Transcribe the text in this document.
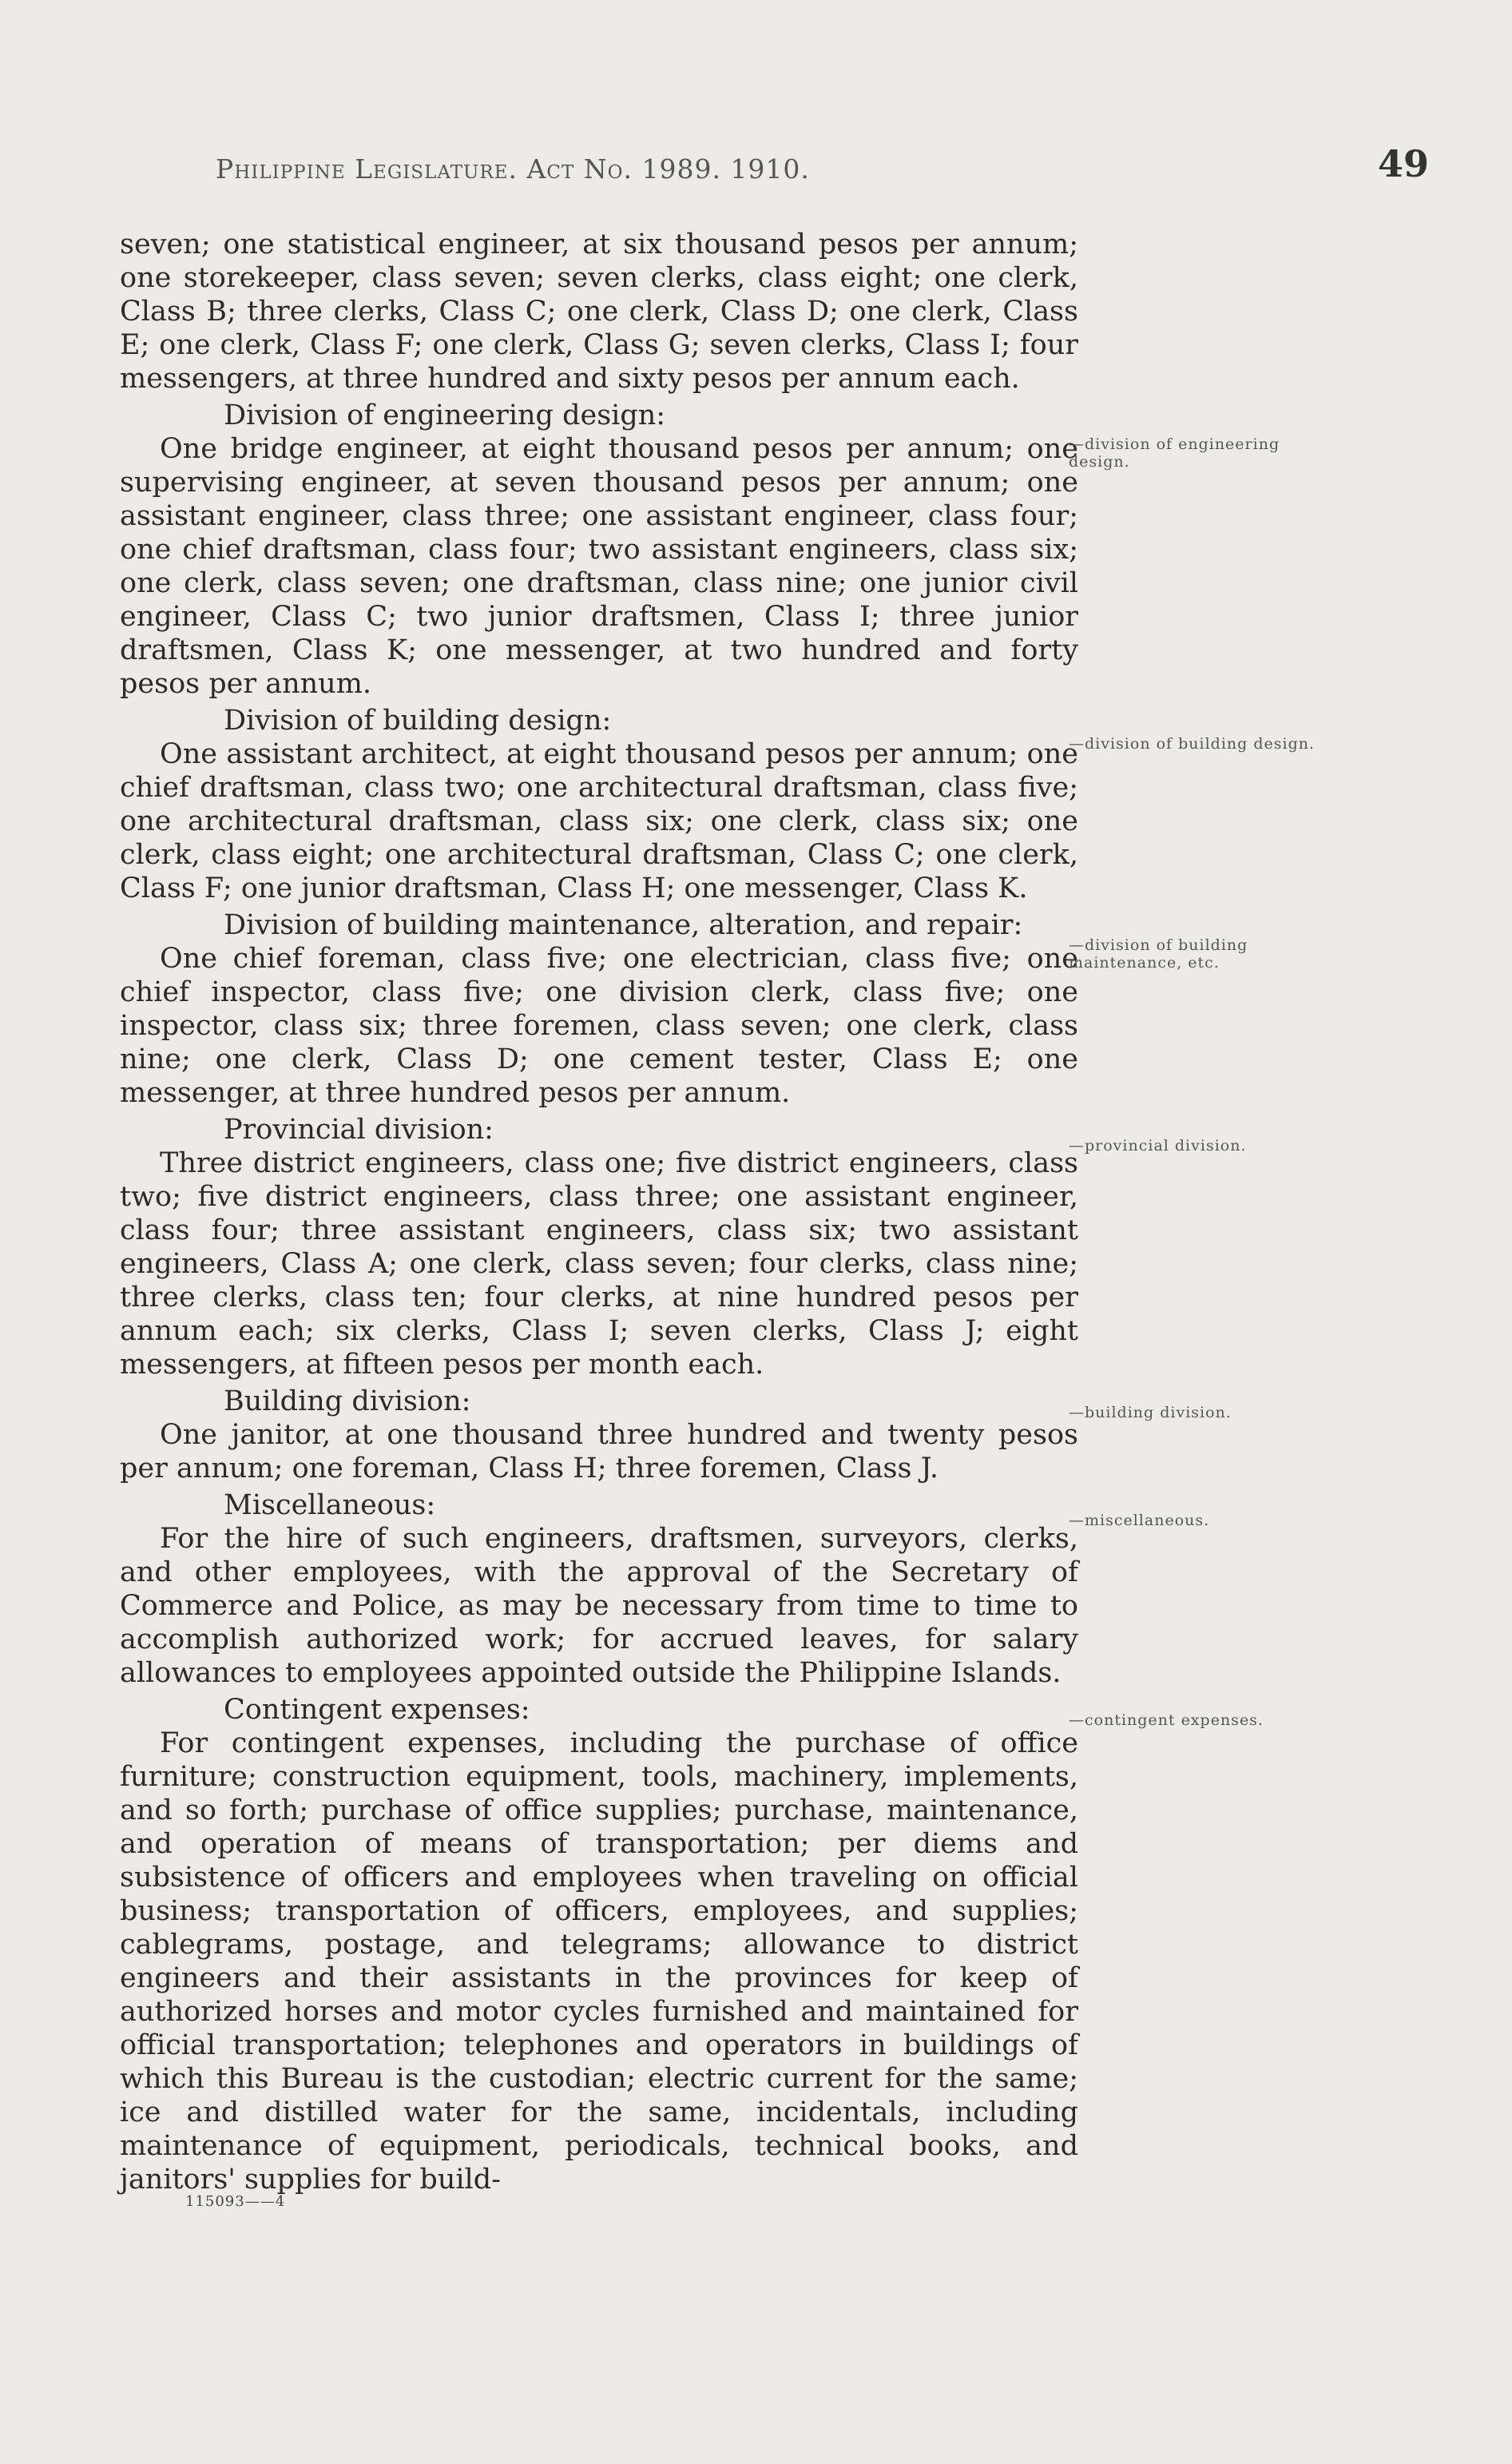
Philippine Legislature. Act No. 1989. 1910.	49

seven; one statistical engineer, at six thousand pesos per annum; one storekeeper, class seven; seven clerks, class eight; one clerk, Class B; three clerks, Class C; one clerk, Class D; one clerk, Class E; one clerk, Class F; one clerk, Class G; seven clerks, Class I; four messengers, at three hundred and sixty pesos per annum each.

Division of engineering design:

One bridge engineer, at eight thousand pesos per annum; one supervising engineer, at seven thousand pesos per annum; one assistant engineer, class three; one assistant engineer, class four; one chief draftsman, class four; two assistant engineers, class six; one clerk, class seven; one draftsman, class nine; one junior civil engineer, Class C; two junior draftsmen, Class I; three junior draftsmen, Class K; one messenger, at two hundred and forty pesos per annum.

Division of building design:

One assistant architect, at eight thousand pesos per annum; one chief draftsman, class two; one architectural draftsman, class five; one architectural draftsman, class six; one clerk, class six; one clerk, class eight; one architectural draftsman, Class C; one clerk, Class F; one junior draftsman, Class H; one messenger, Class K.

Division of building maintenance, alteration, and repair:

One chief foreman, class five; one electrician, class five; one chief inspector, class five; one division clerk, class five; one inspector, class six; three foremen, class seven; one clerk, class nine; one clerk, Class D; one cement tester, Class E; one messenger, at three hundred pesos per annum.

Provincial division:

Three district engineers, class one; five district engineers, class two; five district engineers, class three; one assistant engineer, class four; three assistant engineers, class six; two assistant engineers, Class A; one clerk, class seven; four clerks, class nine; three clerks, class ten; four clerks, at nine hundred pesos per annum each; six clerks, Class I; seven clerks, Class J; eight messengers, at fifteen pesos per month each.

Building division:

One janitor, at one thousand three hundred and twenty pesos per annum; one foreman, Class H; three foremen, Class J.

Miscellaneous:

For the hire of such engineers, draftsmen, surveyors, clerks, and other employees, with the approval of the Secretary of Commerce and Police, as may be necessary from time to time to accomplish authorized work; for accrued leaves, for salary allowances to employees appointed outside the Philippine Islands.

Contingent expenses:

For contingent expenses, including the purchase of office furniture; construction equipment, tools, machinery, implements, and so forth; purchase of office supplies; purchase, maintenance, and operation of means of transportation; per diems and subsistence of officers and employees when traveling on official business; transportation of officers, employees, and supplies; cablegrams, postage, and telegrams; allowance to district engineers and their assistants in the provinces for keep of authorized horses and motor cycles furnished and maintained for official transportation; telephones and operators in buildings of which this Bureau is the custodian; electric current for the same; ice and distilled water for the same, incidentals, including maintenance of equipment, periodicals, technical books, and janitors' supplies for build-

—division of engineering design.
—division of building design.
—division of building maintenance, etc.
—provincial division.
—building division.
—miscellaneous.
—contingent expenses.
115093——4
